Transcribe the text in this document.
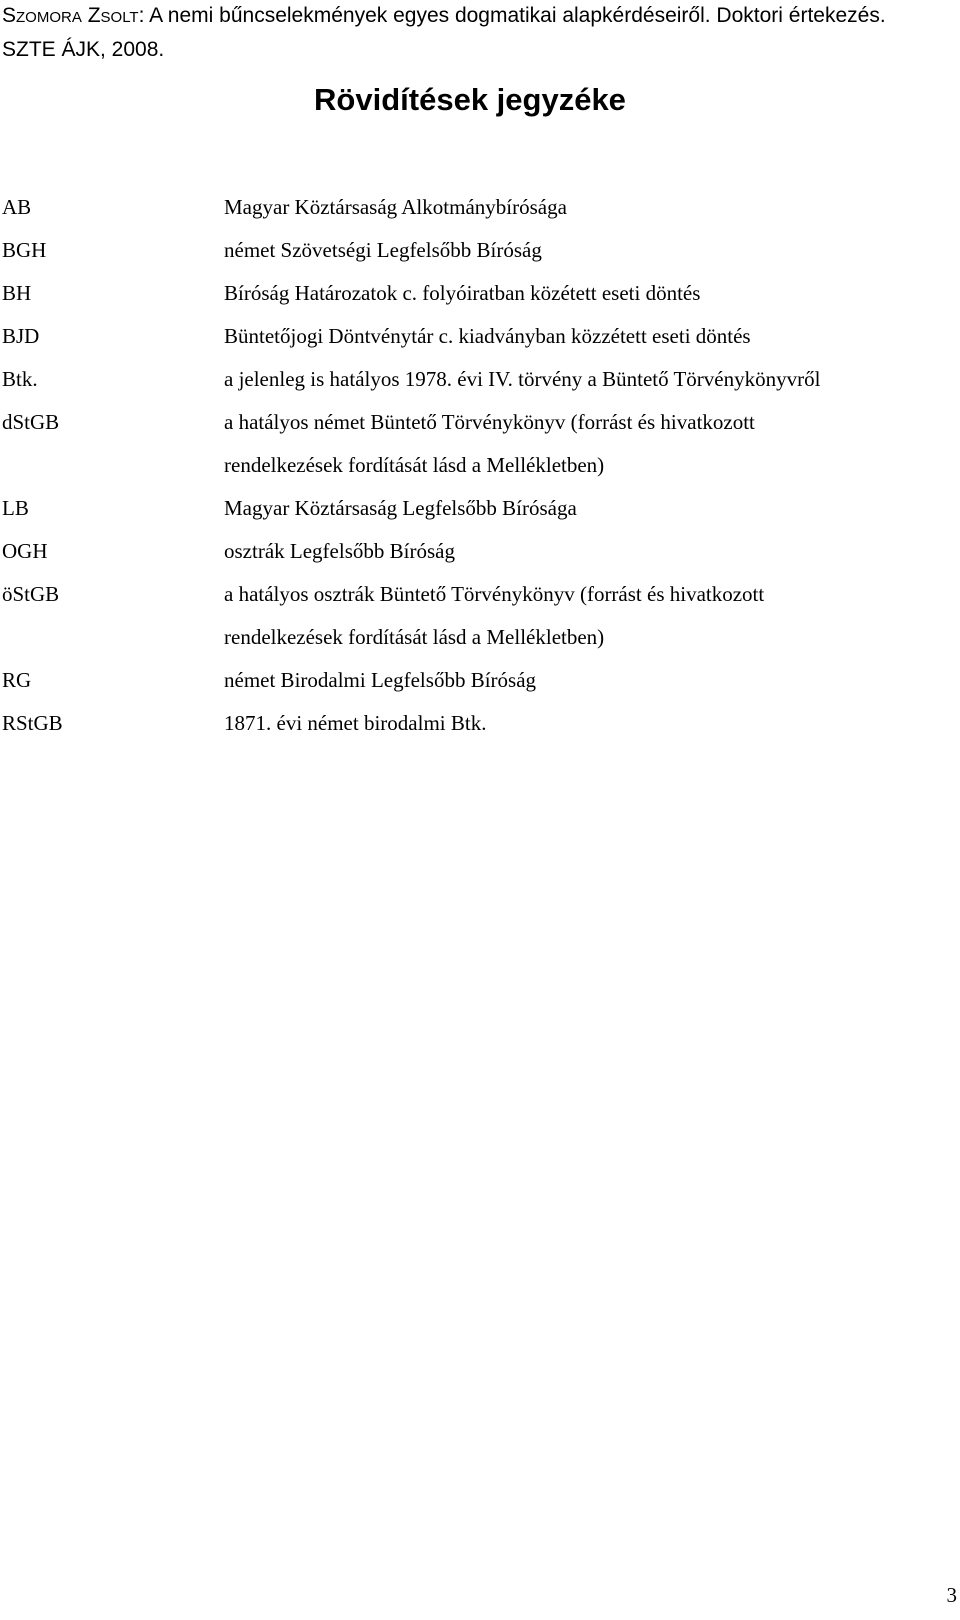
SZOMORA ZSOLT: A nemi bűncselekmények egyes dogmatikai alapkérdéseiről. Doktori értekezés. SZTE ÁJK, 2008.
Rövidítések jegyzéke
AB	Magyar Köztársaság Alkotmánybírósága
BGH	német Szövetségi Legfelsőbb Bíróság
BH	Bíróság Határozatok c. folyóiratban közétett eseti döntés
BJD	Büntetőjogi Döntvénytár c. kiadványban közzétett eseti döntés
Btk.	a jelenleg is hatályos 1978. évi IV. törvény a Büntető Törvénykönyvről
dStGB	a hatályos német Büntető Törvénykönyv (forrást és hivatkozott
rendelkezések fordítását lásd a Mellékletben)
LB	Magyar Köztársaság Legfelsőbb Bírósága
OGH	osztrák Legfelsőbb Bíróság
öStGB	a hatályos osztrák Büntető Törvénykönyv (forrást és hivatkozott
rendelkezések fordítását lásd a Mellékletben)
RG	német Birodalmi Legfelsőbb Bíróság
RStGB	1871. évi német birodalmi Btk.
3
